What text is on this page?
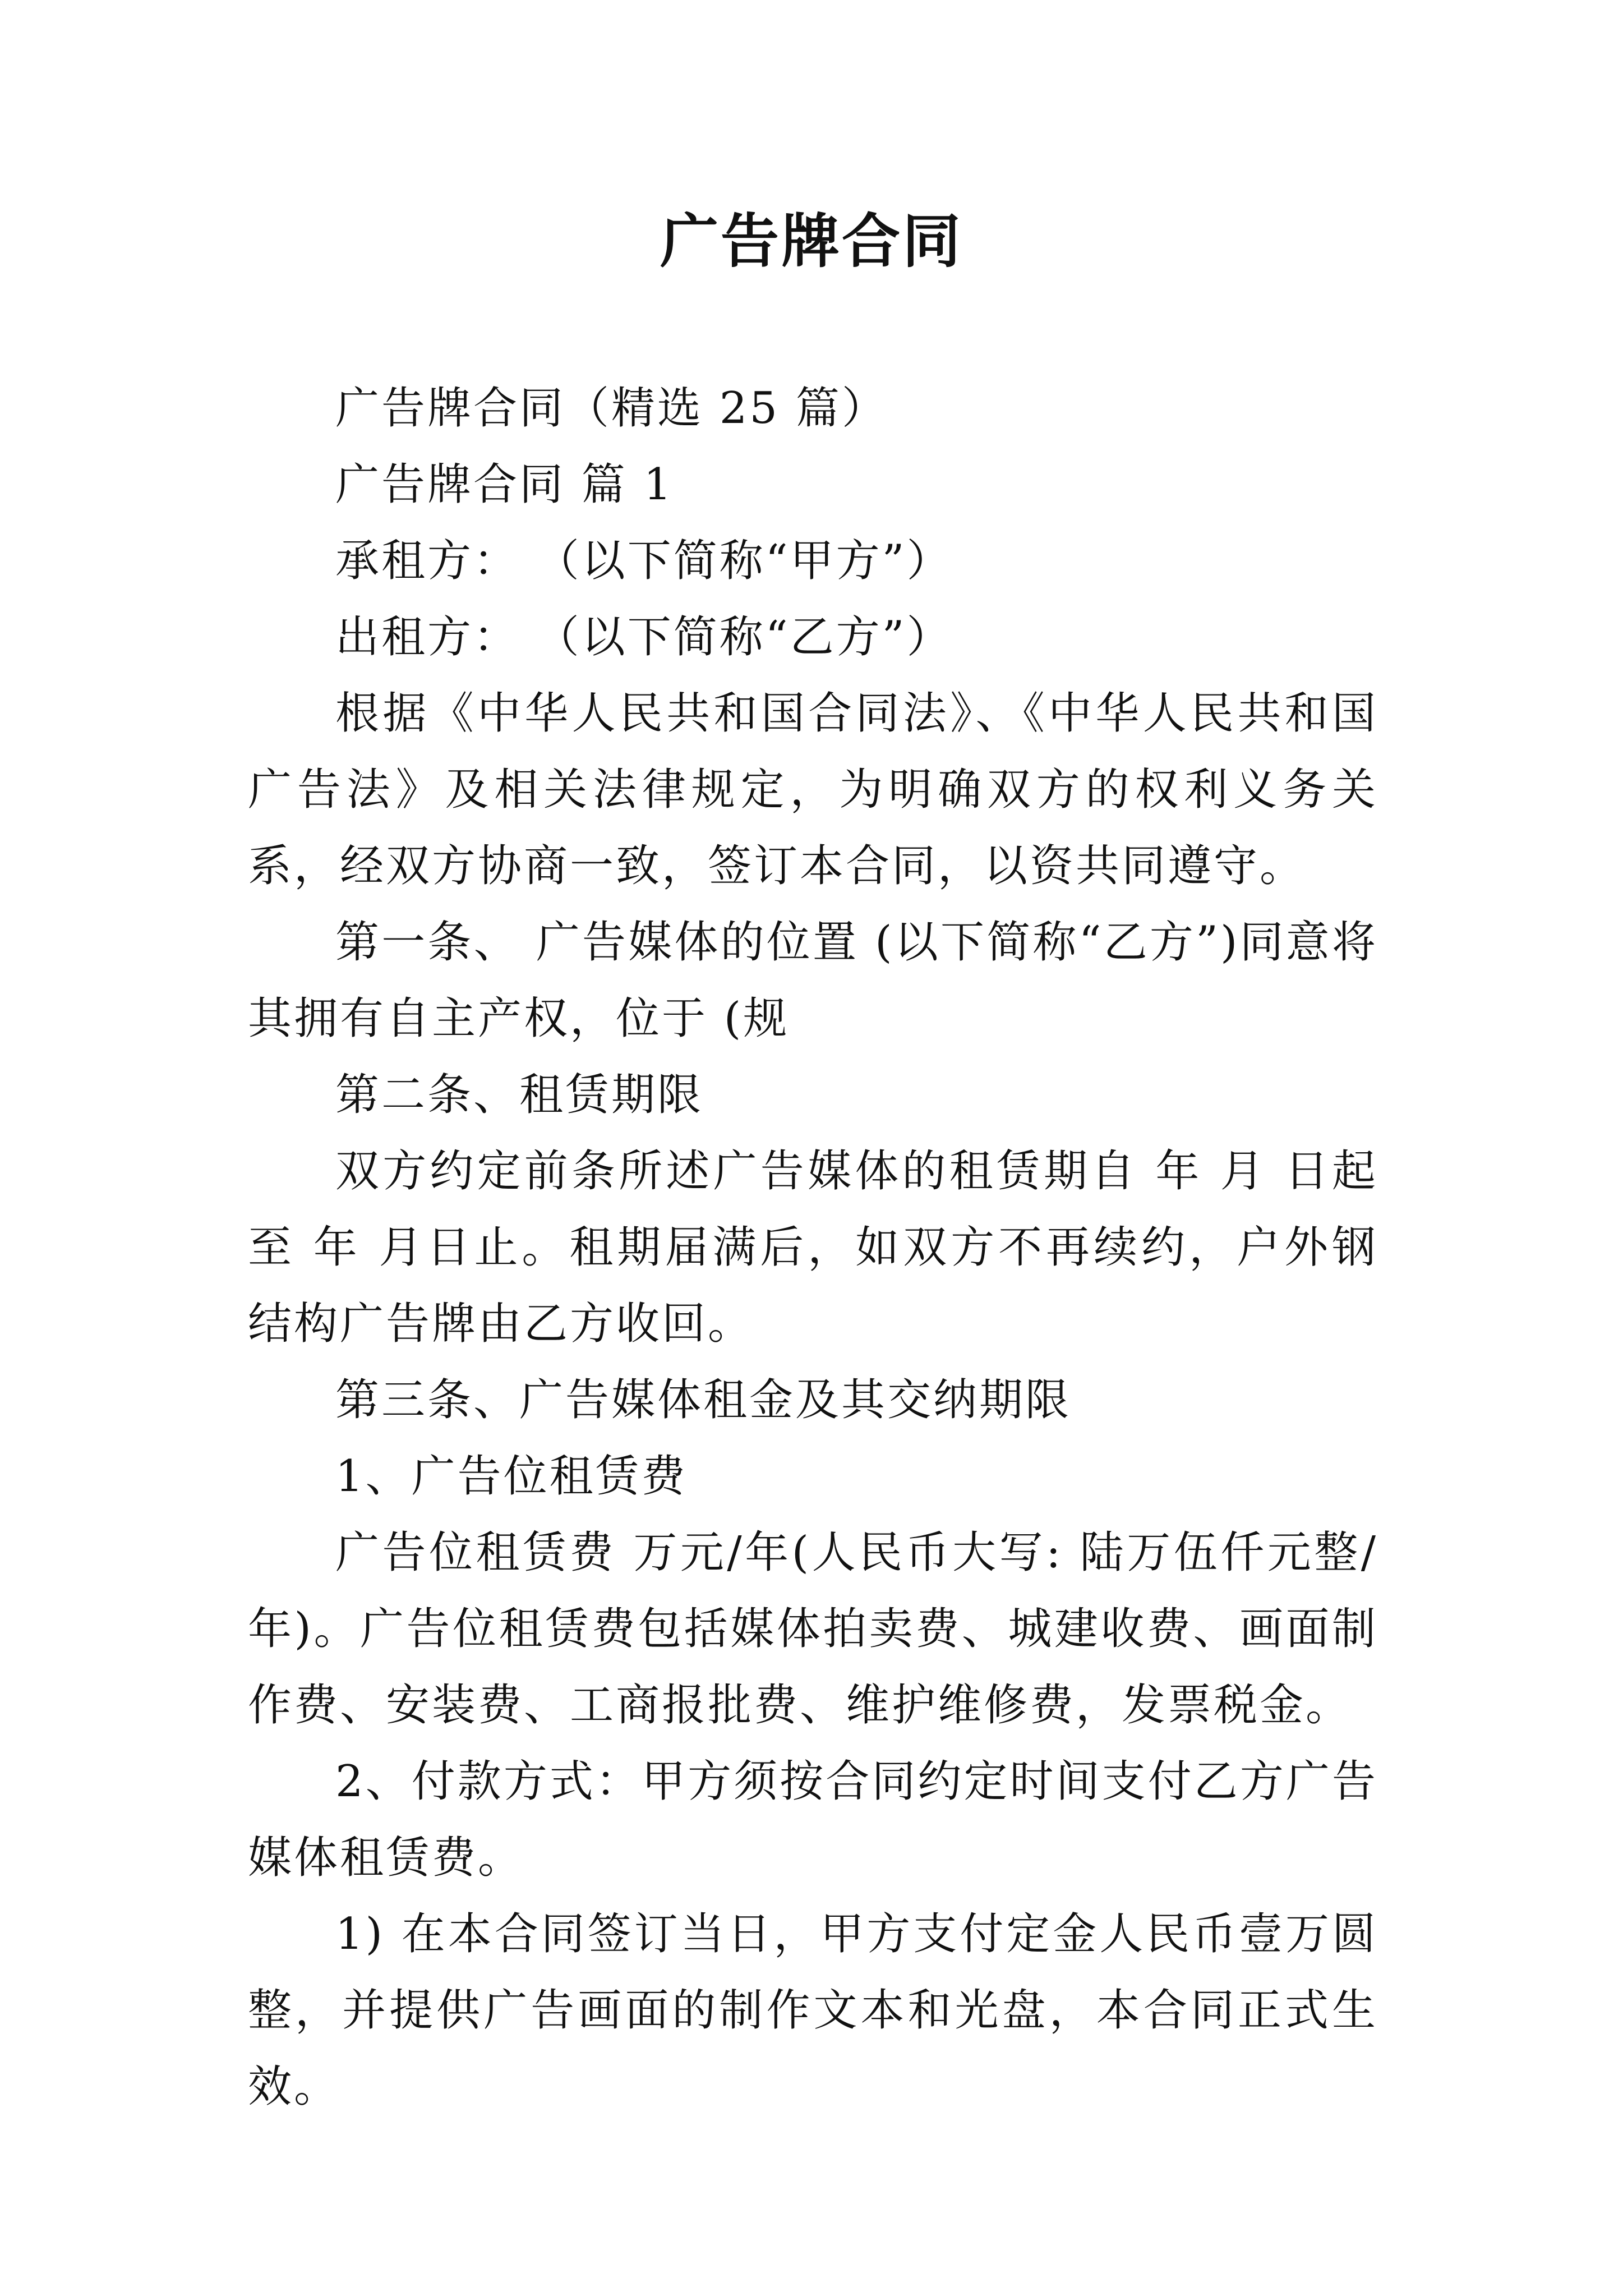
广告牌合同

广告牌合同（精选 25 篇）

广告牌合同 篇 1

承租方： （以下简称“甲方”）

出租方： （以下简称“乙方”）

根据《中华人民共和国合同法》、《中华人民共和国广告法》及相关法律规定，为明确双方的权利义务关系，经双方协商一致，签订本合同，以资共同遵守。

第一条、 广告媒体的位置 (以下简称“乙方”)同意将其拥有自主产权，位于 (规

第二条、租赁期限

双方约定前条所述广告媒体的租赁期自 年 月 日起至 年 月日止。租期届满后，如双方不再续约，户外钢结构广告牌由乙方收回。

第三条、广告媒体租金及其交纳期限

1、广告位租赁费

广告位租赁费 万元/年(人民币大写: 陆万伍仟元整/年)。广告位租赁费包括媒体拍卖费、城建收费、画面制作费、安装费、工商报批费、维护维修费，发票税金。

2、付款方式：甲方须按合同约定时间支付乙方广告媒体租赁费。

1) 在本合同签订当日，甲方支付定金人民币壹万圆整，并提供广告画面的制作文本和光盘，本合同正式生效。
